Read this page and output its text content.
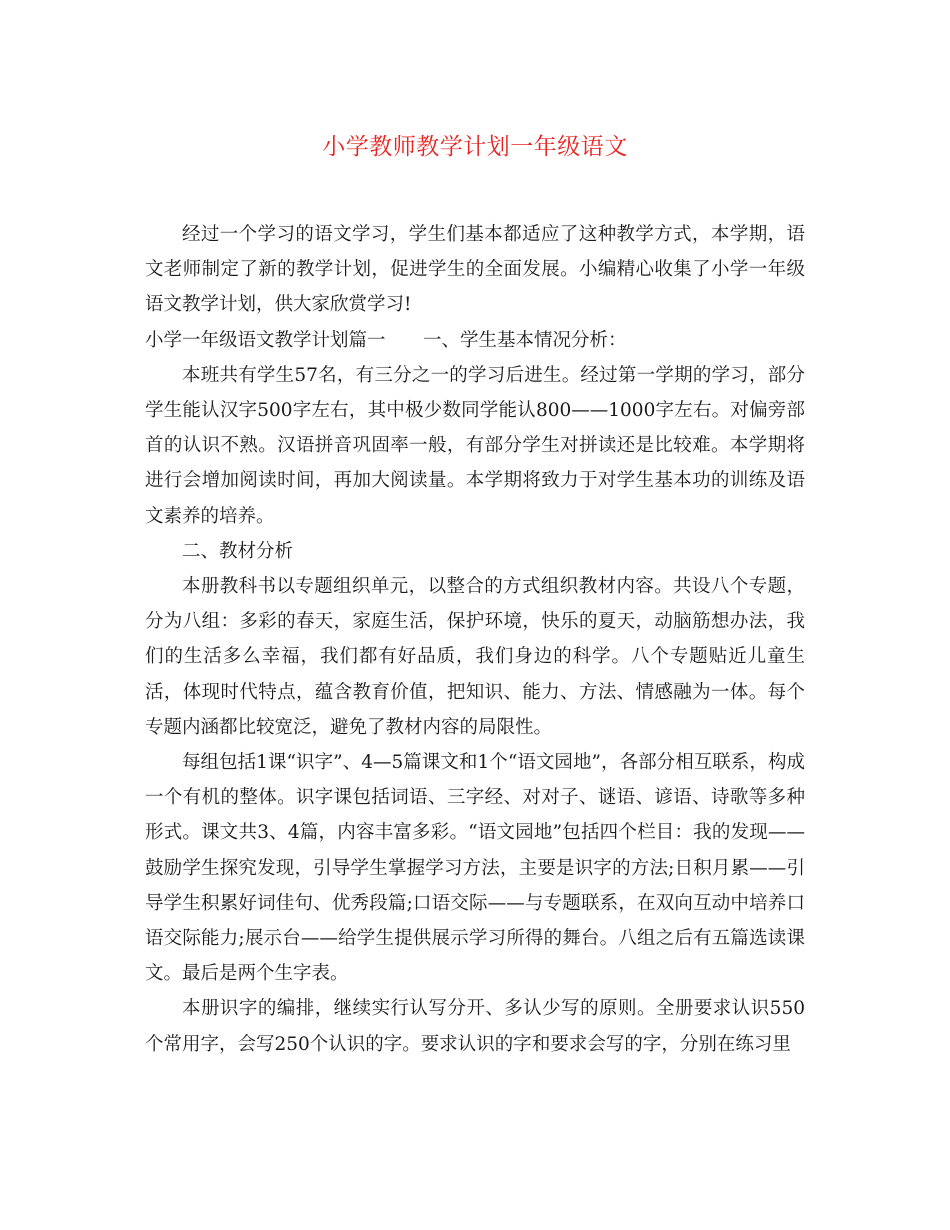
小学教师教学计划一年级语文

经过一个学习的语文学习，学生们基本都适应了这种教学方式，本学期，语文老师制定了新的教学计划，促进学生的全面发展。小编精心收集了小学一年级语文教学计划，供大家欣赏学习!

小学一年级语文教学计划篇一	一、学生基本情况分析：

本班共有学生57名，有三分之一的学习后进生。经过第一学期的学习，部分学生能认汉字500字左右，其中极少数同学能认800——1000字左右。对偏旁部首的认识不熟。汉语拼音巩固率一般，有部分学生对拼读还是比较难。本学期将进行会增加阅读时间，再加大阅读量。本学期将致力于对学生基本功的训练及语文素养的培养。

二、教材分析

本册教科书以专题组织单元，以整合的方式组织教材内容。共设八个专题，分为八组：多彩的春天，家庭生活，保护环境，快乐的夏天，动脑筋想办法，我们的生活多么幸福，我们都有好品质，我们身边的科学。八个专题贴近儿童生活，体现时代特点，蕴含教育价值，把知识、能力、方法、情感融为一体。每个专题内涵都比较宽泛，避免了教材内容的局限性。

每组包括1课“识字”、4—5篇课文和1个“语文园地”，各部分相互联系，构成一个有机的整体。识字课包括词语、三字经、对对子、谜语、谚语、诗歌等多种形式。课文共3、4篇，内容丰富多彩。“语文园地”包括四个栏目：我的发现——鼓励学生探究发现，引导学生掌握学习方法，主要是识字的方法;日积月累——引导学生积累好词佳句、优秀段篇;口语交际——与专题联系，在双向互动中培养口语交际能力;展示台——给学生提供展示学习所得的舞台。八组之后有五篇选读课文。最后是两个生字表。

本册识字的编排，继续实行认写分开、多认少写的原则。全册要求认识550个常用字，会写250个认识的字。要求认识的字和要求会写的字，分别在练习里
